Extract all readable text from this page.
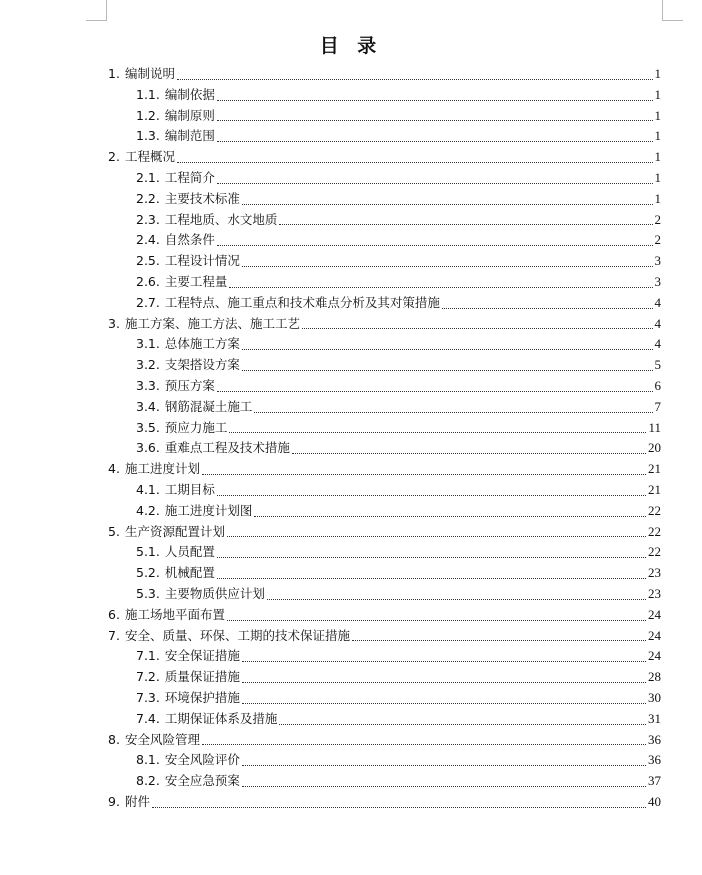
目 录
1. 编制说明	1
1.1. 编制依据	1
1.2. 编制原则	1
1.3. 编制范围	1
2. 工程概况	1
2.1. 工程简介	1
2.2. 主要技术标准	1
2.3. 工程地质、水文地质	2
2.4. 自然条件	2
2.5. 工程设计情况	3
2.6. 主要工程量	3
2.7. 工程特点、施工重点和技术难点分析及其对策措施	4
3. 施工方案、施工方法、施工工艺	4
3.1. 总体施工方案	4
3.2. 支架搭设方案	5
3.3. 预压方案	6
3.4. 钢筋混凝土施工	7
3.5. 预应力施工	11
3.6. 重难点工程及技术措施	20
4. 施工进度计划	21
4.1. 工期目标	21
4.2. 施工进度计划图	22
5. 生产资源配置计划	22
5.1. 人员配置	22
5.2. 机械配置	23
5.3. 主要物质供应计划	23
6. 施工场地平面布置	24
7. 安全、质量、环保、工期的技术保证措施	24
7.1. 安全保证措施	24
7.2. 质量保证措施	28
7.3. 环境保护措施	30
7.4. 工期保证体系及措施	31
8. 安全风险管理	36
8.1. 安全风险评价	36
8.2. 安全应急预案	37
9. 附件	40
